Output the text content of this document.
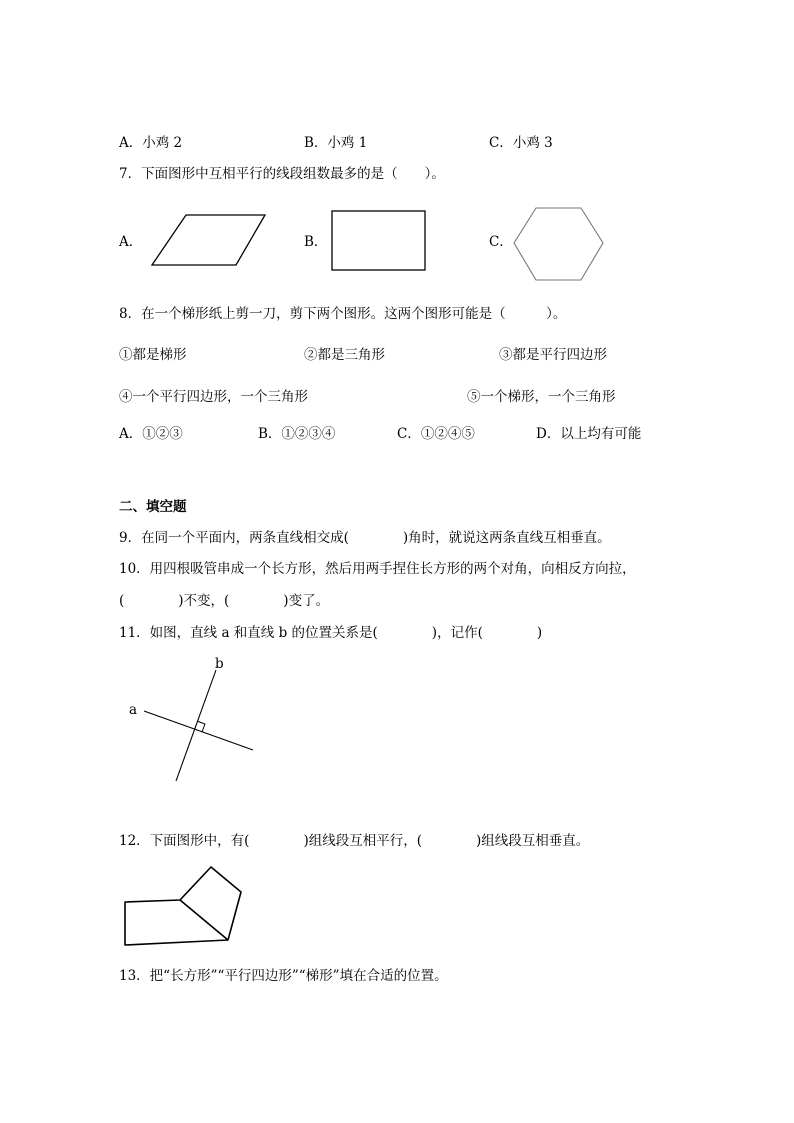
A．小鸡 2	B．小鸡 1	C．小鸡 3
7．下面图形中互相平行的线段组数最多的是（　　）。
A．	B．	C．
8．在一个梯形纸上剪一刀，剪下两个图形。这两个图形可能是（　　　）。
①都是梯形	②都是三角形	③都是平行四边形
④一个平行四边形，一个三角形	⑤一个梯形，一个三角形
A．①②③	B．①②③④	C．①②④⑤	D．以上均有可能
二、填空题
9．在同一个平面内，两条直线相交成(　　　　)角时，就说这两条直线互相垂直。
10．用四根吸管串成一个长方形，然后用两手捏住长方形的两个对角，向相反方向拉，
(　　　　)不变，(　　　　)变了。
11．如图，直线 a 和直线 b 的位置关系是(　　　　)，记作(　　　　)
a
b
12．下面图形中，有(　　　　)组线段互相平行，(　　　　)组线段互相垂直。
13．把“长方形”“平行四边形”“梯形”填在合适的位置。
